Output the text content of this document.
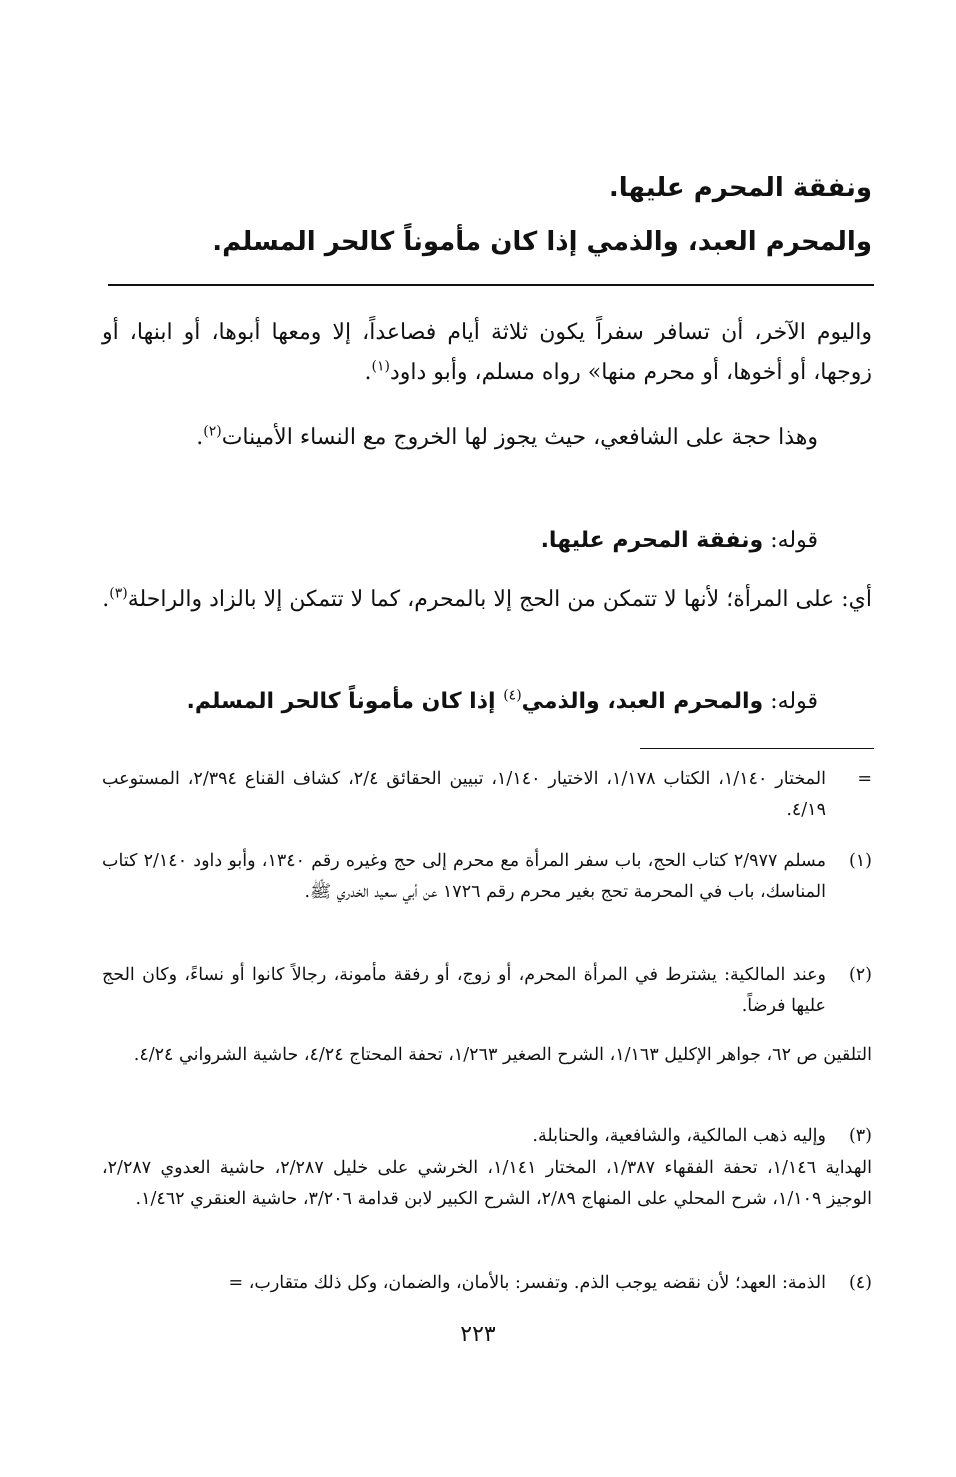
ونفقة المحرم عليها.
والمحرم العبد، والذمي إذا كان مأموناً كالحر المسلم.
واليوم الآخر، أن تسافر سفراً يكون ثلاثة أيام فصاعداً، إلا ومعها أبوها، أو ابنها، أو زوجها، أو أخوها، أو محرم منها» رواه مسلم، وأبو داود$^{(١)}$.
وهذا حجة على الشافعي، حيث يجوز لها الخروج مع النساء الأمينات$^{(٢)}$.
قوله: ونفقة المحرم عليها.
أي: على المرأة؛ لأنها لا تتمكن من الحج إلا بالمحرم، كما لا تتمكن إلا بالزاد والراحلة$^{(٣)}$.
قوله: والمحرم العبد، والذمي$^{(٤)}$ إذا كان مأموناً كالحر المسلم.
=
المختار ١/١٤٠، الكتاب ١/١٧٨، الاختيار ١/١٤٠، تبيين الحقائق ٢/٤، كشاف القناع ٢/٣٩٤، المستوعب ٤/١٩.
(١)
مسلم ٢/٩٧٧ كتاب الحج، باب سفر المرأة مع محرم إلى حج وغيره رقم ١٣٤٠، وأبو داود ٢/١٤٠ كتاب المناسك، باب في المحرمة تحج بغير محرم رقم ١٧٢٦ عن أبي سعيد الخدري ﷺ.
(٢)
وعند المالكية: يشترط في المرأة المحرم، أو زوج، أو رفقة مأمونة، رجالاً كانوا أو نساءً، وكان الحج عليها فرضاً.
التلقين ص ٦٢، جواهر الإكليل ١/١٦٣، الشرح الصغير ١/٢٦٣، تحفة المحتاج ٤/٢٤، حاشية الشرواني ٤/٢٤.
(٣)
وإليه ذهب المالكية، والشافعية، والحنابلة.
الهداية ١/١٤٦، تحفة الفقهاء ١/٣٨٧، المختار ١/١٤١، الخرشي على خليل ٢/٢٨٧، حاشية العدوي ٢/٢٨٧، الوجيز ١/١٠٩، شرح المحلي على المنهاج ٢/٨٩، الشرح الكبير لابن قدامة ٣/٢٠٦، حاشية العنقري ١/٤٦٢.
(٤)
الذمة: العهد؛ لأن نقضه يوجب الذم. وتفسر: بالأمان، والضمان، وكل ذلك متقارب، =
٢٢٣
